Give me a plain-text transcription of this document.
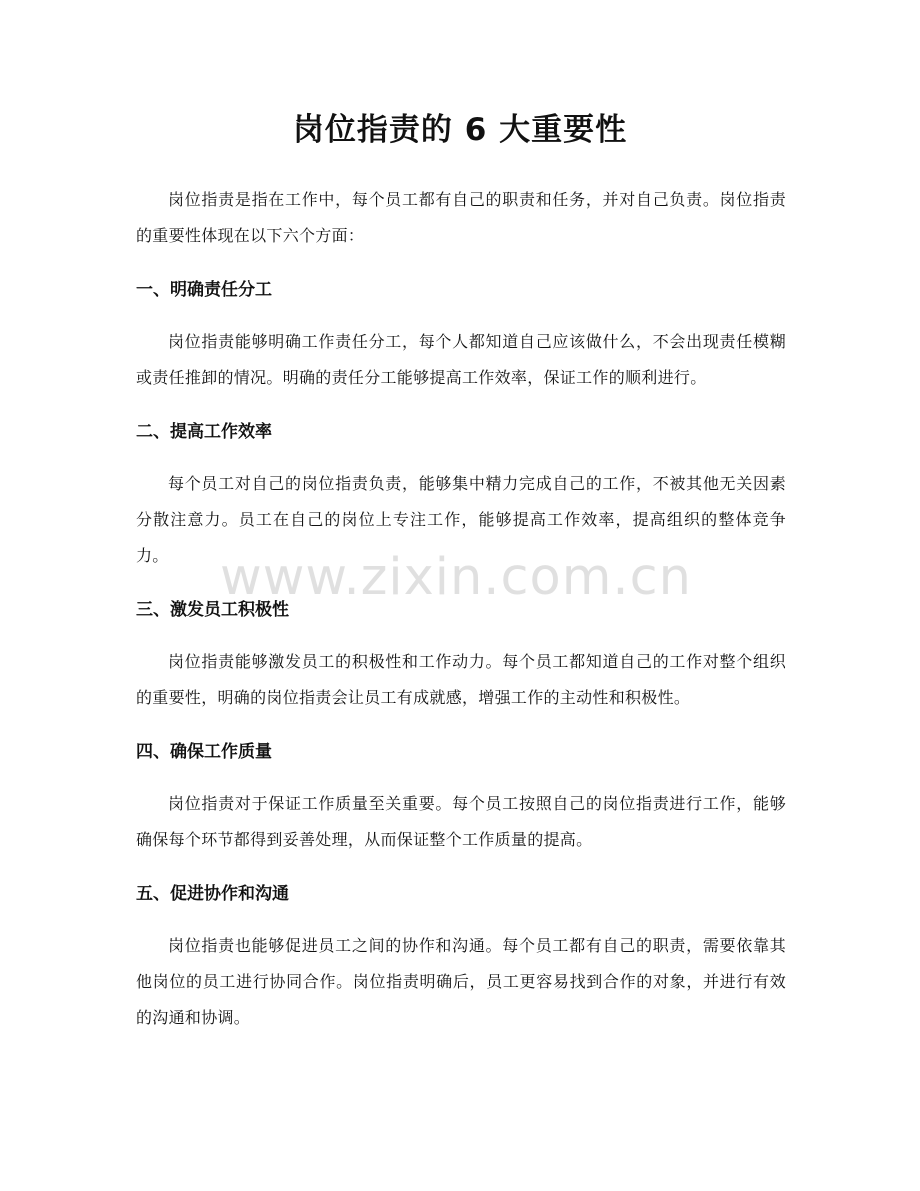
岗位指责的 6 大重要性

岗位指责是指在工作中，每个员工都有自己的职责和任务，并对自己负责。岗位指责的重要性体现在以下六个方面：

一、明确责任分工

岗位指责能够明确工作责任分工，每个人都知道自己应该做什么，不会出现责任模糊或责任推卸的情况。明确的责任分工能够提高工作效率，保证工作的顺利进行。

二、提高工作效率

每个员工对自己的岗位指责负责，能够集中精力完成自己的工作，不被其他无关因素分散注意力。员工在自己的岗位上专注工作，能够提高工作效率，提高组织的整体竞争力。

三、激发员工积极性

岗位指责能够激发员工的积极性和工作动力。每个员工都知道自己的工作对整个组织的重要性，明确的岗位指责会让员工有成就感，增强工作的主动性和积极性。

四、确保工作质量

岗位指责对于保证工作质量至关重要。每个员工按照自己的岗位指责进行工作，能够确保每个环节都得到妥善处理，从而保证整个工作质量的提高。

五、促进协作和沟通

岗位指责也能够促进员工之间的协作和沟通。每个员工都有自己的职责，需要依靠其他岗位的员工进行协同合作。岗位指责明确后，员工更容易找到合作的对象，并进行有效的沟通和协调。

www.zixin.com.cn
